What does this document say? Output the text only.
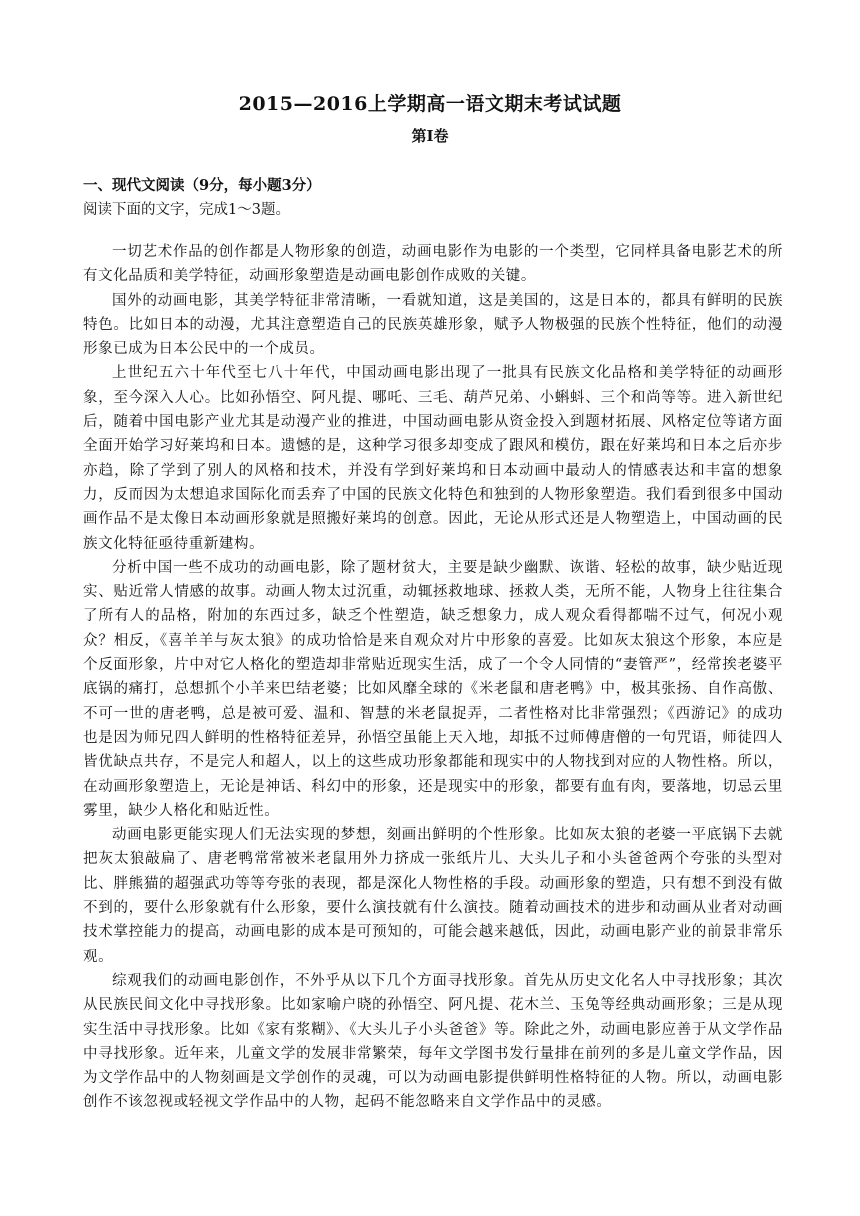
2015—2016上学期高一语文期末考试试题
第Ⅰ卷
一、现代文阅读（9分，每小题3分）
阅读下面的文字，完成1～3题。

一切艺术作品的创作都是人物形象的创造，动画电影作为电影的一个类型，它同样具备电影艺术的所有文化品质和美学特征，动画形象塑造是动画电影创作成败的关键。

国外的动画电影，其美学特征非常清晰，一看就知道，这是美国的，这是日本的，都具有鲜明的民族特色。比如日本的动漫，尤其注意塑造自己的民族英雄形象，赋予人物极强的民族个性特征，他们的动漫形象已成为日本公民中的一个成员。

上世纪五六十年代至七八十年代，中国动画电影出现了一批具有民族文化品格和美学特征的动画形象，至今深入人心。比如孙悟空、阿凡提、哪吒、三毛、葫芦兄弟、小蝌蚪、三个和尚等等。进入新世纪后，随着中国电影产业尤其是动漫产业的推进，中国动画电影从资金投入到题材拓展、风格定位等诸方面全面开始学习好莱坞和日本。遗憾的是，这种学习很多却变成了跟风和模仿，跟在好莱坞和日本之后亦步亦趋，除了学到了别人的风格和技术，并没有学到好莱坞和日本动画中最动人的情感表达和丰富的想象力，反而因为太想追求国际化而丢弃了中国的民族文化特色和独到的人物形象塑造。我们看到很多中国动画作品不是太像日本动画形象就是照搬好莱坞的创意。因此，无论从形式还是人物塑造上，中国动画的民族文化特征亟待重新建构。

分析中国一些不成功的动画电影，除了题材贫大，主要是缺少幽默、诙谐、轻松的故事，缺少贴近现实、贴近常人情感的故事。动画人物太过沉重，动辄拯救地球、拯救人类，无所不能，人物身上往往集合了所有人的品格，附加的东西过多，缺乏个性塑造，缺乏想象力，成人观众看得都喘不过气，何况小观众？相反，《喜羊羊与灰太狼》的成功恰恰是来自观众对片中形象的喜爱。比如灰太狼这个形象，本应是个反面形象，片中对它人格化的塑造却非常贴近现实生活，成了一个令人同情的“妻管严”，经常挨老婆平底锅的痛打，总想抓个小羊来巴结老婆；比如风靡全球的《米老鼠和唐老鸭》中，极其张扬、自作高傲、不可一世的唐老鸭，总是被可爱、温和、智慧的米老鼠捉弄，二者性格对比非常强烈；《西游记》的成功也是因为师兄四人鲜明的性格特征差异，孙悟空虽能上天入地，却抵不过师傅唐僧的一句咒语，师徒四人皆优缺点共存，不是完人和超人，以上的这些成功形象都能和现实中的人物找到对应的人物性格。所以，在动画形象塑造上，无论是神话、科幻中的形象，还是现实中的形象，都要有血有肉，要落地，切忌云里雾里，缺少人格化和贴近性。

动画电影更能实现人们无法实现的梦想，刻画出鲜明的个性形象。比如灰太狼的老婆一平底锅下去就把灰太狼敲扁了、唐老鸭常常被米老鼠用外力挤成一张纸片儿、大头儿子和小头爸爸两个夸张的头型对比、胖熊猫的超强武功等等夸张的表现，都是深化人物性格的手段。动画形象的塑造，只有想不到没有做不到的，要什么形象就有什么形象，要什么演技就有什么演技。随着动画技术的进步和动画从业者对动画技术掌控能力的提高，动画电影的成本是可预知的，可能会越来越低，因此，动画电影产业的前景非常乐观。

综观我们的动画电影创作，不外乎从以下几个方面寻找形象。首先从历史文化名人中寻找形象；其次从民族民间文化中寻找形象。比如家喻户晓的孙悟空、阿凡提、花木兰、玉兔等经典动画形象；三是从现实生活中寻找形象。比如《家有浆糊》、《大头儿子小头爸爸》等。除此之外，动画电影应善于从文学作品中寻找形象。近年来，儿童文学的发展非常繁荣，每年文学图书发行量排在前列的多是儿童文学作品，因为文学作品中的人物刻画是文学创作的灵魂，可以为动画电影提供鲜明性格特征的人物。所以，动画电影创作不该忽视或轻视文学作品中的人物，起码不能忽略来自文学作品中的灵感。
